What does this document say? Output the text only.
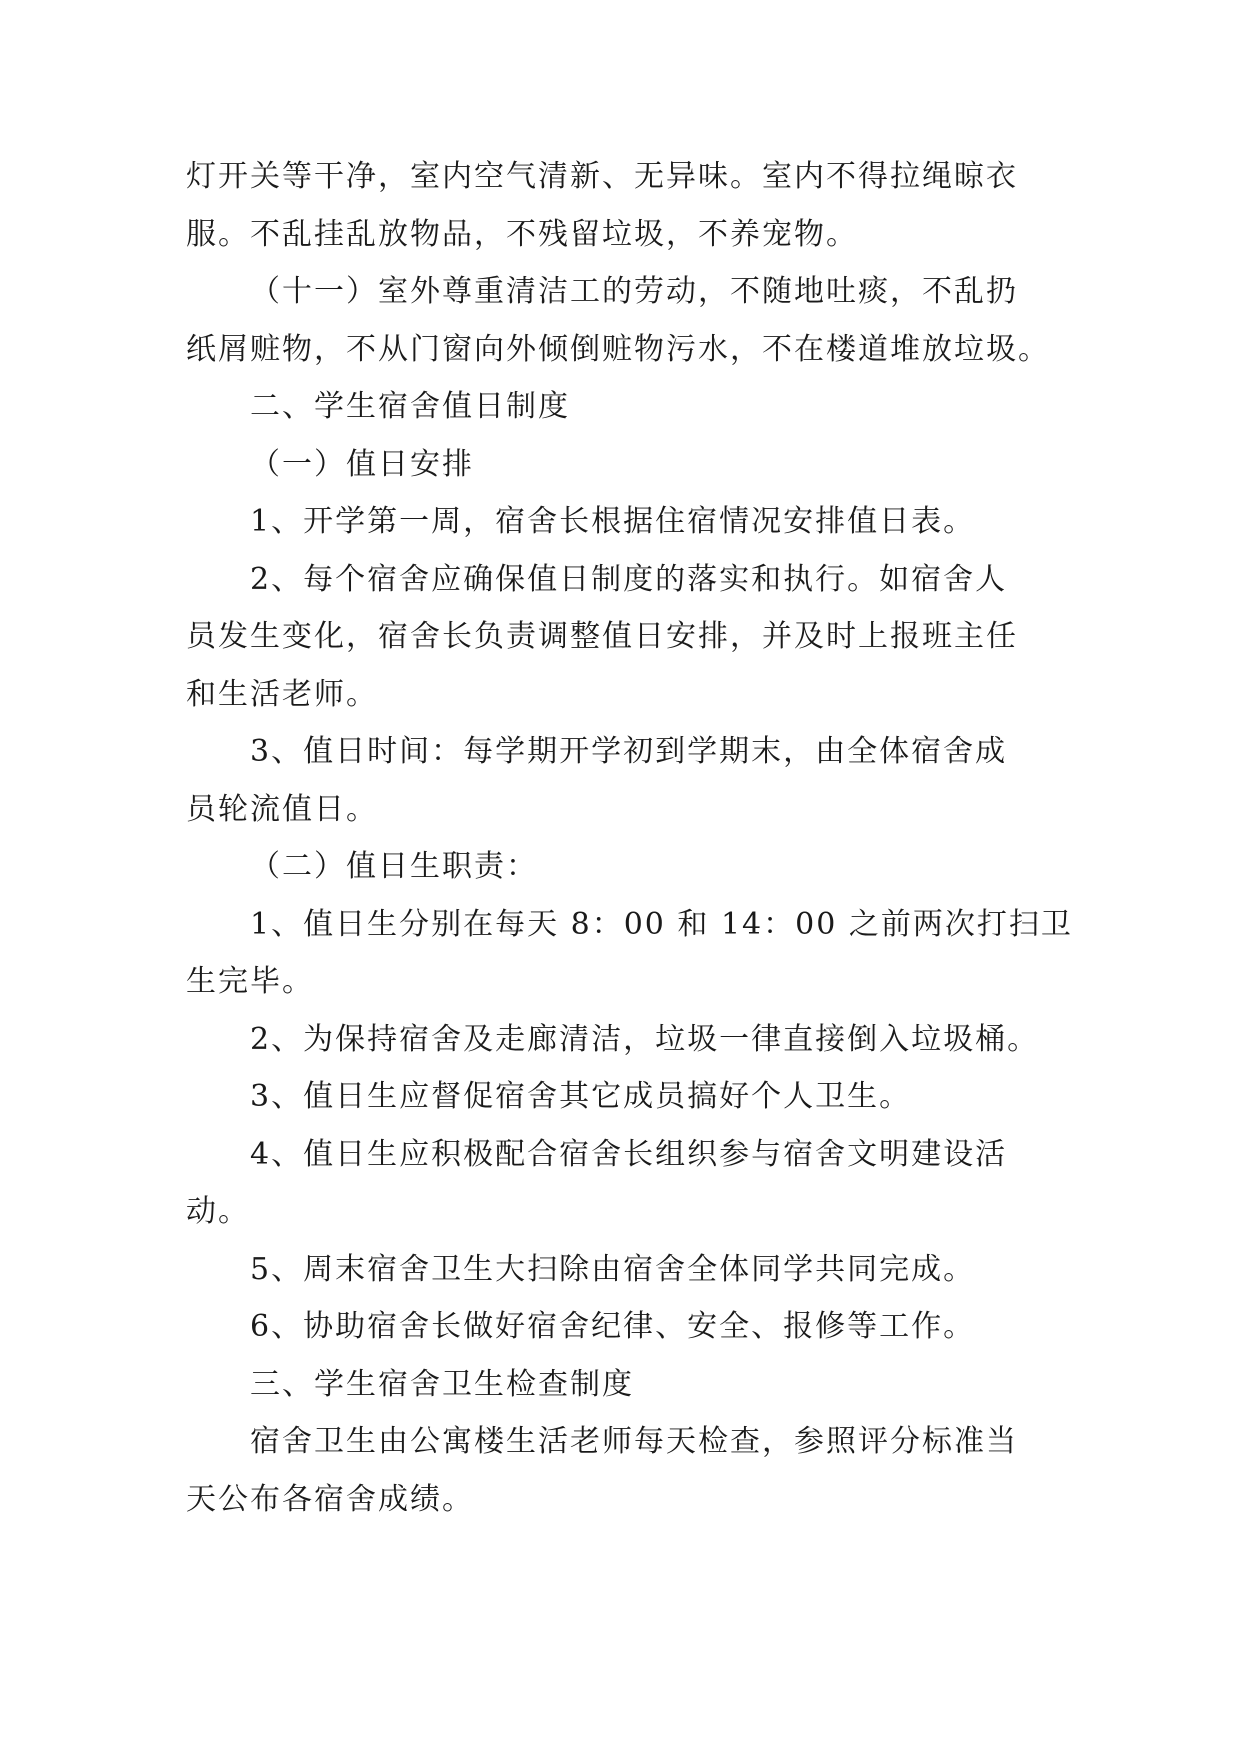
灯开关等干净，室内空气清新、无异味。室内不得拉绳晾衣
服。不乱挂乱放物品，不残留垃圾，不养宠物。
（十一）室外尊重清洁工的劳动，不随地吐痰，不乱扔
纸屑赃物，不从门窗向外倾倒赃物污水，不在楼道堆放垃圾。
二、学生宿舍值日制度
（一）值日安排
1、开学第一周，宿舍长根据住宿情况安排值日表。
2、每个宿舍应确保值日制度的落实和执行。如宿舍人
员发生变化，宿舍长负责调整值日安排，并及时上报班主任
和生活老师。
3、值日时间：每学期开学初到学期末，由全体宿舍成
员轮流值日。
（二）值日生职责：
1、值日生分别在每天 8：00 和 14：00 之前两次打扫卫
生完毕。
2、为保持宿舍及走廊清洁，垃圾一律直接倒入垃圾桶。
3、值日生应督促宿舍其它成员搞好个人卫生。
4、值日生应积极配合宿舍长组织参与宿舍文明建设活
动。
5、周末宿舍卫生大扫除由宿舍全体同学共同完成。
6、协助宿舍长做好宿舍纪律、安全、报修等工作。
三、学生宿舍卫生检查制度
宿舍卫生由公寓楼生活老师每天检查，参照评分标准当
天公布各宿舍成绩。
